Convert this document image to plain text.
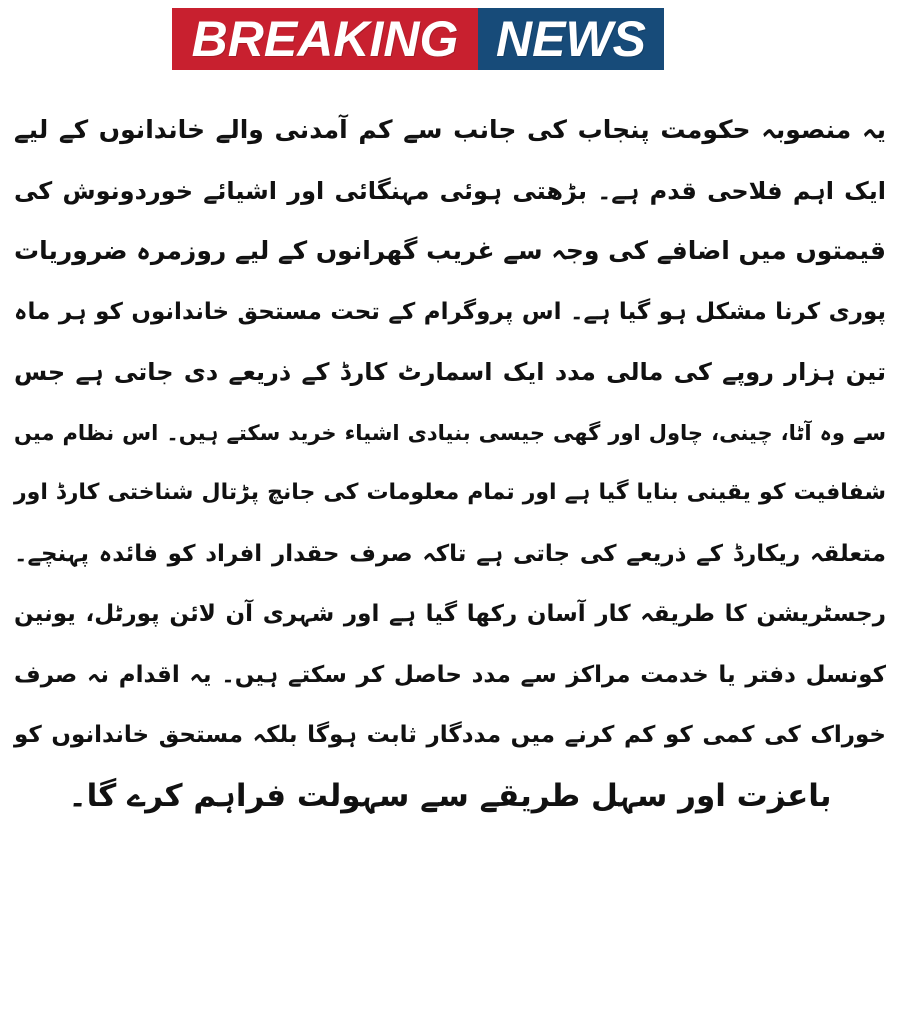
BREAKING NEWS
یہ منصوبہ حکومت پنجاب کی جانب سے کم آمدنی والے خاندانوں کے لیے
ایک اہم فلاحی قدم ہے۔ بڑھتی ہوئی مہنگائی اور اشیائے خوردونوش کی
قیمتوں میں اضافے کی وجہ سے غریب گھرانوں کے لیے روزمرہ ضروریات
پوری کرنا مشکل ہو گیا ہے۔ اس پروگرام کے تحت مستحق خاندانوں کو ہر ماہ
تین ہزار روپے کی مالی مدد ایک اسمارٹ کارڈ کے ذریعے دی جاتی ہے جس
سے وہ آٹا، چینی، چاول اور گھی جیسی بنیادی اشیاء خرید سکتے ہیں۔ اس نظام میں
شفافیت کو یقینی بنایا گیا ہے اور تمام معلومات کی جانچ پڑتال شناختی کارڈ اور
متعلقہ ریکارڈ کے ذریعے کی جاتی ہے تاکہ صرف حقدار افراد کو فائدہ پہنچے۔
رجسٹریشن کا طریقہ کار آسان رکھا گیا ہے اور شہری آن لائن پورٹل، یونین
کونسل دفتر یا خدمت مراکز سے مدد حاصل کر سکتے ہیں۔ یہ اقدام نہ صرف
خوراک کی کمی کو کم کرنے میں مددگار ثابت ہوگا بلکہ مستحق خاندانوں کو
باعزت اور سہل طریقے سے سہولت فراہم کرے گا۔
